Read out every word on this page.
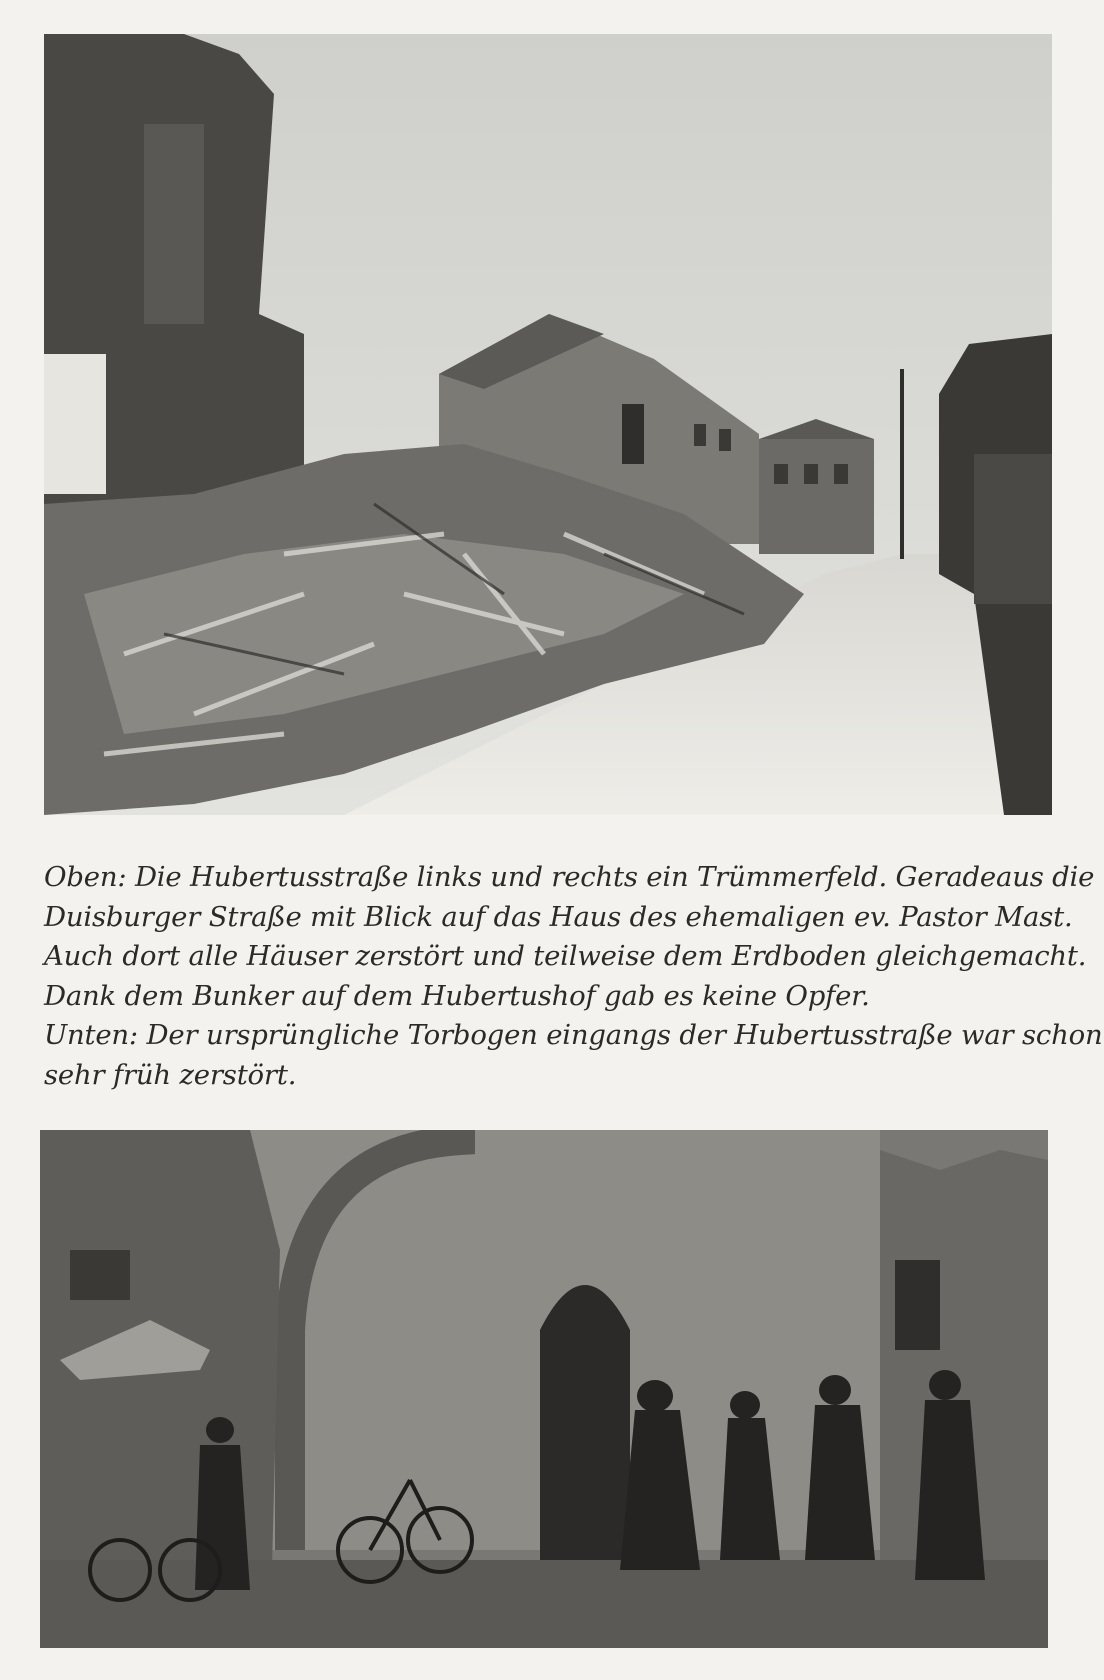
Oben: Die Hubertusstraße links und rechts ein Trümmerfeld. Geradeaus die
Duisburger Straße mit Blick auf das Haus des ehemaligen ev. Pastor Mast.
Auch dort alle Häuser zerstört und teilweise dem Erdboden gleichgemacht.
Dank dem Bunker auf dem Hubertushof gab es keine Opfer.
Unten: Der ursprüngliche Torbogen eingangs der Hubertusstraße war schon
sehr früh zerstört.
